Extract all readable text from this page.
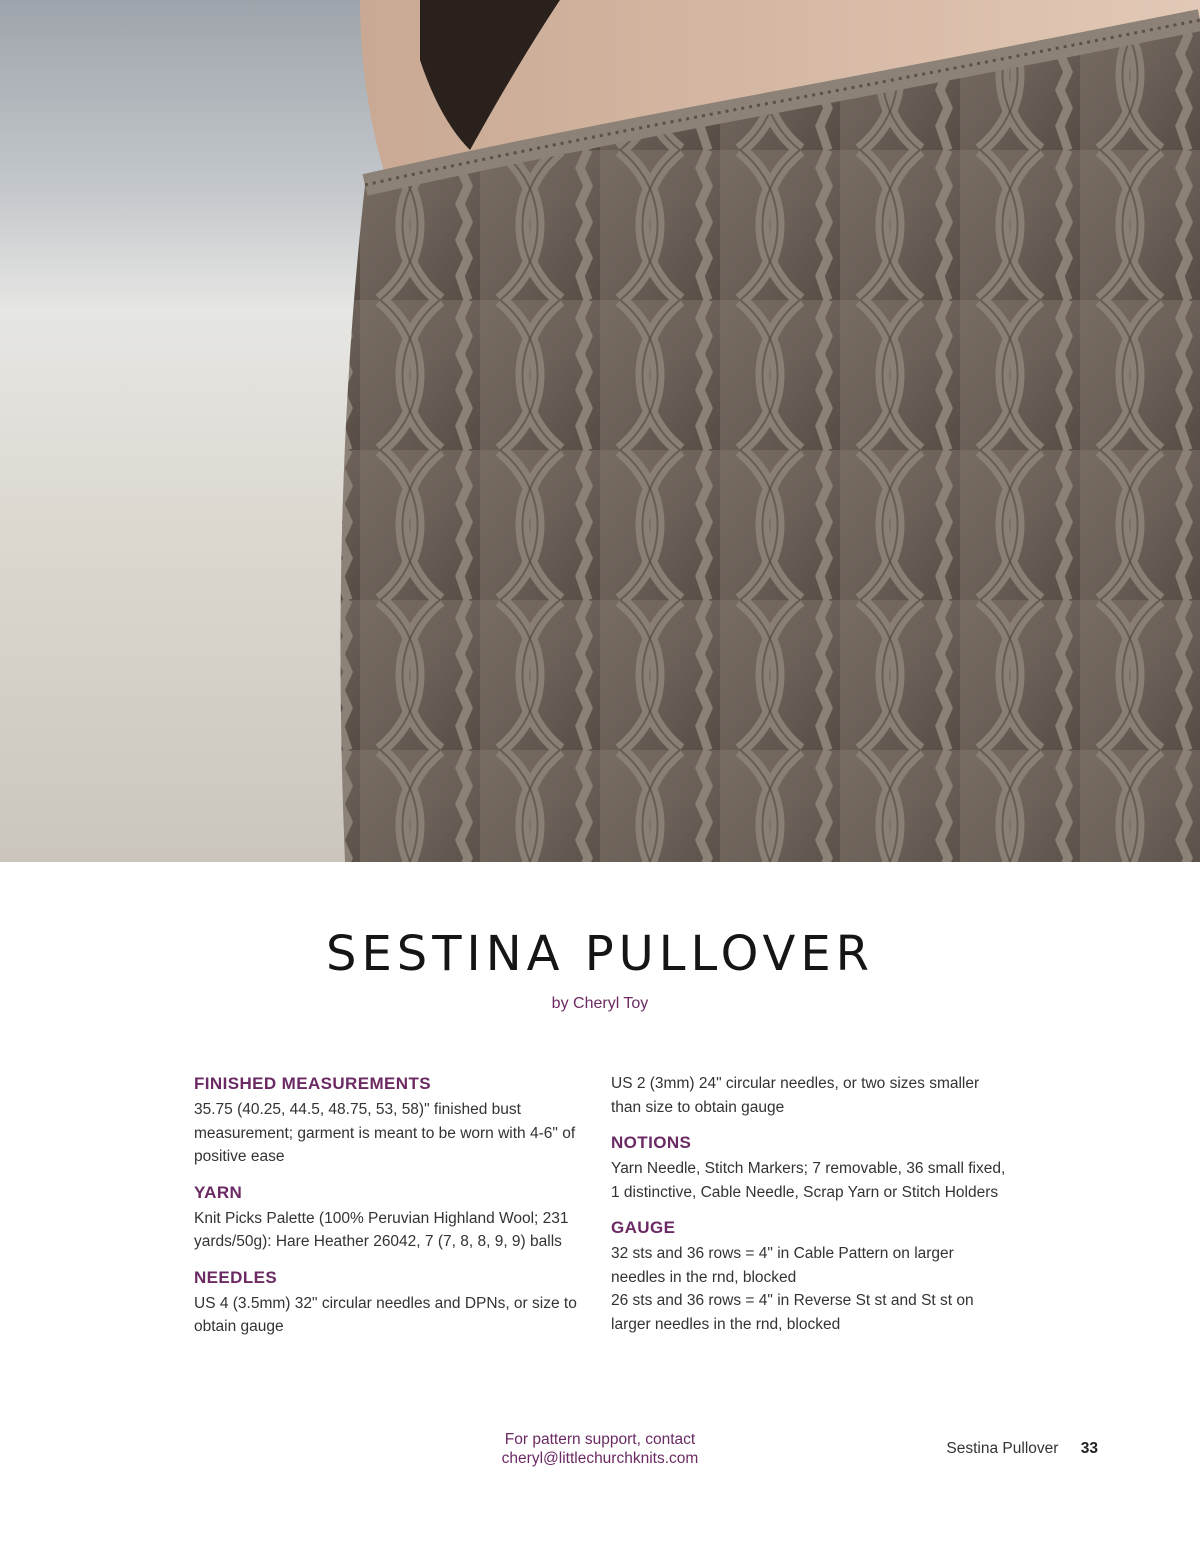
SESTINA PULLOVER
by Cheryl Toy
FINISHED MEASUREMENTS

35.75 (40.25, 44.5, 48.75, 53, 58)" finished bust measurement; garment is meant to be worn with 4-6" of positive ease

YARN

Knit Picks Palette (100% Peruvian Highland Wool; 231 yards/50g): Hare Heather 26042, 7 (7, 8, 8, 9, 9) balls

NEEDLES

US 4 (3.5mm) 32" circular needles and DPNs, or size to obtain gauge

US 2 (3mm) 24" circular needles, or two sizes smaller than size to obtain gauge

NOTIONS

Yarn Needle, Stitch Markers; 7 removable, 36 small fixed, 1 distinctive, Cable Needle, Scrap Yarn or Stitch Holders

GAUGE

32 sts and 36 rows = 4" in Cable Pattern on larger needles in the rnd, blocked

26 sts and 36 rows = 4" in Reverse St st and St st on larger needles in the rnd, blocked

For pattern support, contact
cheryl@littlechurchknits.com
Sestina Pullover 33
